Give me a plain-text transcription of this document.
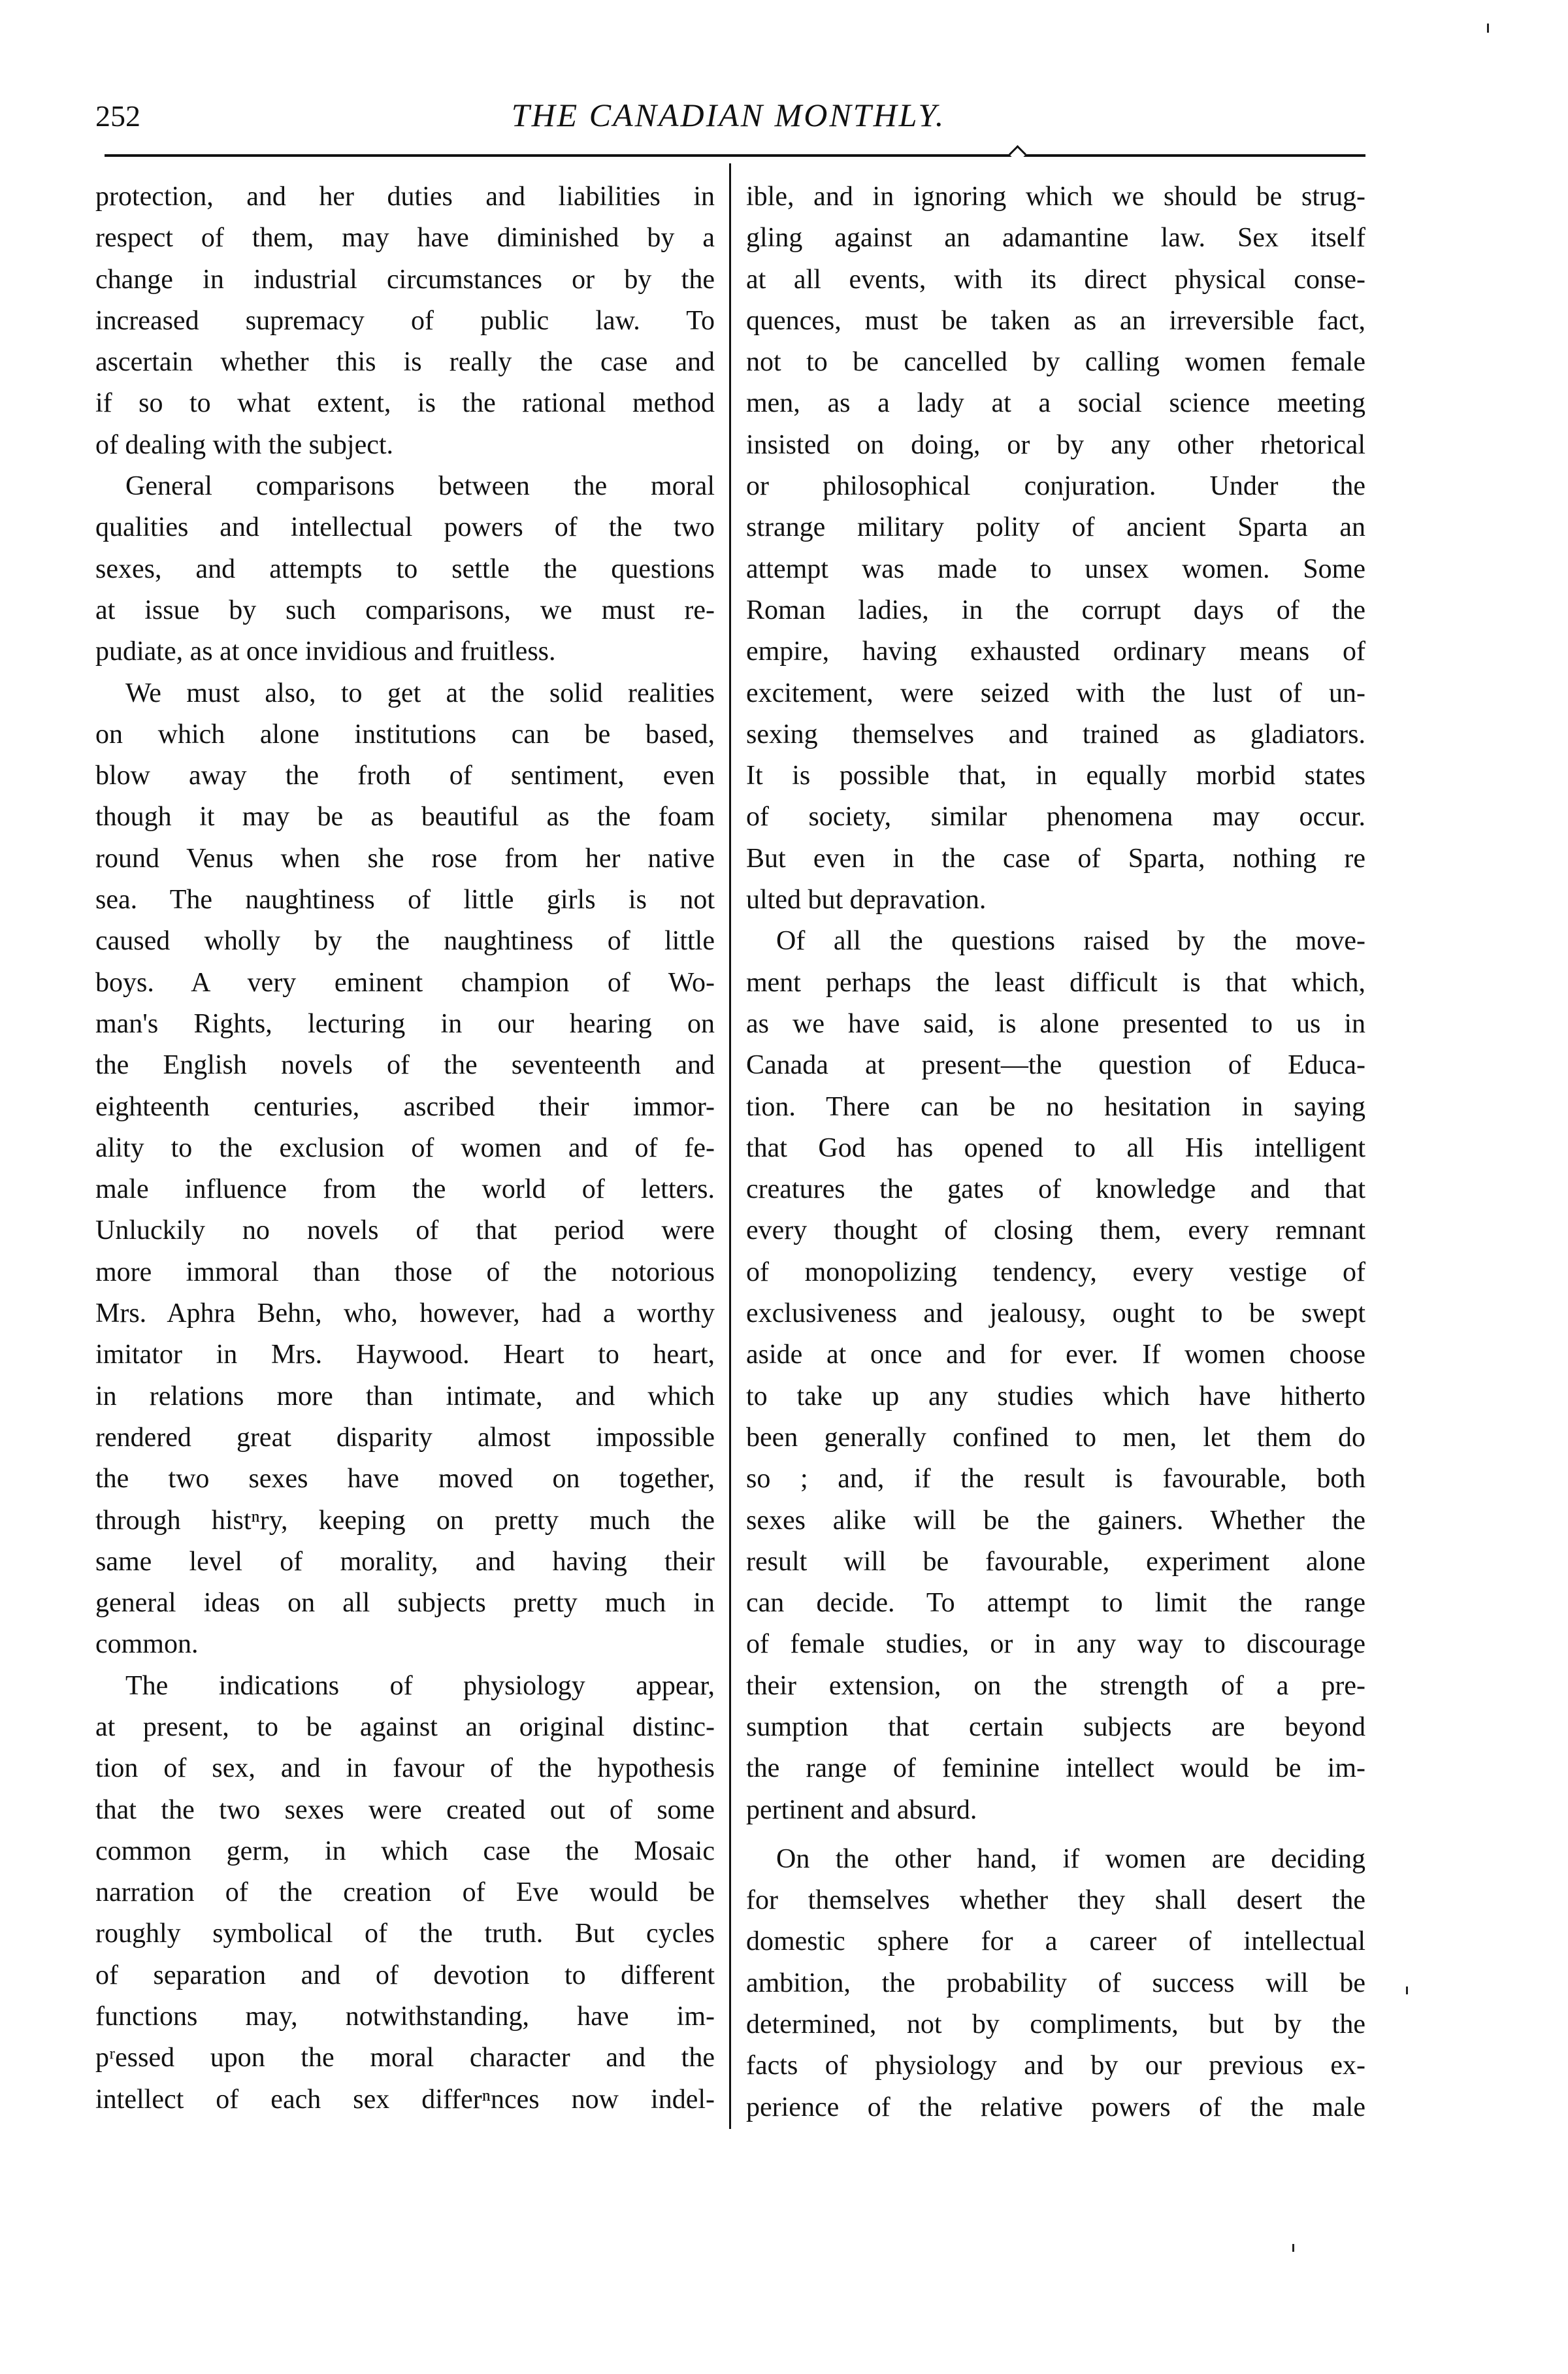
252	THE CANADIAN MONTHLY.
protection, and her duties and liabilities in
respect of them, may have diminished by a
change in industrial circumstances or by the
increased supremacy of public law. To
ascertain whether this is really the case and
if so to what extent, is the rational method
of dealing with the subject.
General comparisons between the moral
qualities and intellectual powers of the two
sexes, and attempts to settle the questions
at issue by such comparisons, we must re-
pudiate, as at once invidious and fruitless.
We must also, to get at the solid realities
on which alone institutions can be based,
blow away the froth of sentiment, even
though it may be as beautiful as the foam
round Venus when she rose from her native
sea. The naughtiness of little girls is not
caused wholly by the naughtiness of little
boys. A very eminent champion of Wo-
man's Rights, lecturing in our hearing on
the English novels of the seventeenth and
eighteenth centuries, ascribed their immor-
ality to the exclusion of women and of fe-
male influence from the world of letters.
Unluckily no novels of that period were
more immoral than those of the notorious
Mrs. Aphra Behn, who, however, had a worthy
imitator in Mrs. Haywood. Heart to heart,
in relations more than intimate, and which
rendered great disparity almost impossible
the two sexes have moved on together,
through histⁿry, keeping on pretty much the
same level of morality, and having their
general ideas on all subjects pretty much in
common.
The indications of physiology appear,
at present, to be against an original distinc-
tion of sex, and in favour of the hypothesis
that the two sexes were created out of some
common germ, in which case the Mosaic
narration of the creation of Eve would be
roughly symbolical of the truth. But cycles
of separation and of devotion to different
functions may, notwithstanding, have im-
pʳessed upon the moral character and the
intellect of each sex differⁿnces now indel-
ible, and in ignoring which we should be strug-
gling against an adamantine law. Sex itself
at all events, with its direct physical conse-
quences, must be taken as an irreversible fact,
not to be cancelled by calling women female
men, as a lady at a social science meeting
insisted on doing, or by any other rhetorical
or philosophical conjuration. Under the
strange military polity of ancient Sparta an
attempt was made to unsex women. Some
Roman ladies, in the corrupt days of the
empire, having exhausted ordinary means of
excitement, were seized with the lust of un-
sexing themselves and trained as gladiators.
It is possible that, in equally morbid states
of society, similar phenomena may occur.
But even in the case of Sparta, nothing re
ulted but depravation.
Of all the questions raised by the move-
ment perhaps the least difficult is that which,
as we have said, is alone presented to us in
Canada at present—the question of Educa-
tion. There can be no hesitation in saying
that God has opened to all His intelligent
creatures the gates of knowledge and that
every thought of closing them, every remnant
of monopolizing tendency, every vestige of
exclusiveness and jealousy, ought to be swept
aside at once and for ever. If women choose
to take up any studies which have hitherto
been generally confined to men, let them do
so ; and, if the result is favourable, both
sexes alike will be the gainers. Whether the
result will be favourable, experiment alone
can decide. To attempt to limit the range
of female studies, or in any way to discourage
their extension, on the strength of a pre-
sumption that certain subjects are beyond
the range of feminine intellect would be im-
pertinent and absurd.
On the other hand, if women are deciding
for themselves whether they shall desert the
domestic sphere for a career of intellectual
ambition, the probability of success will be
determined, not by compliments, but by the
facts of physiology and by our previous ex-
perience of the relative powers of the male
